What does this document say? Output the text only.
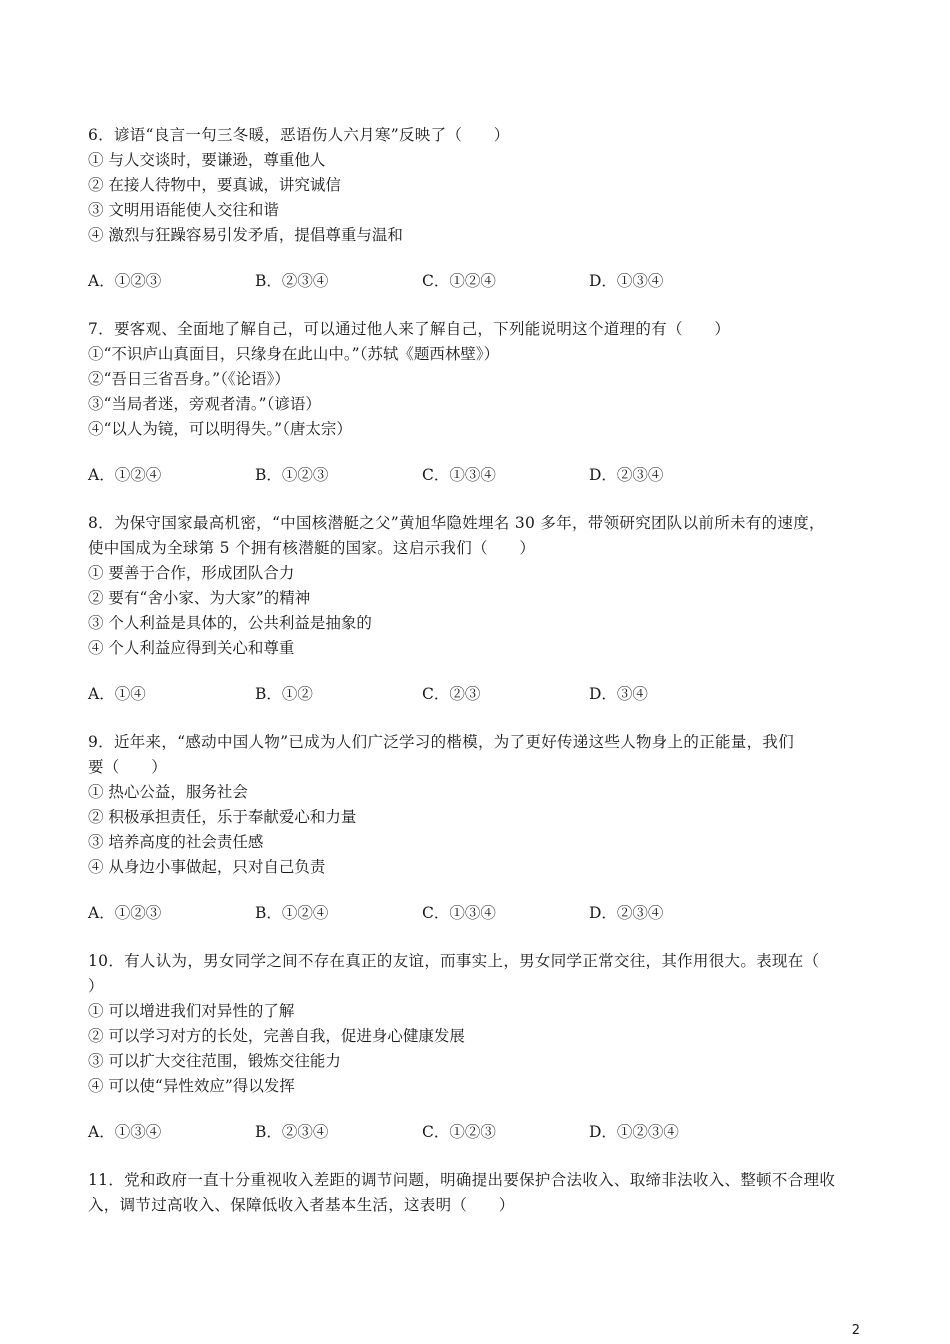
6．谚语“良言一句三冬暖，恶语伤人六月寒”反映了（　　）
① 与人交谈时，要谦逊，尊重他人
② 在接人待物中，要真诚，讲究诚信
③ 文明用语能使人交往和谐
④ 激烈与狂躁容易引发矛盾，提倡尊重与温和
A．①②③	B．②③④	C．①②④	D．①③④
7．要客观、全面地了解自己，可以通过他人来了解自己，下列能说明这个道理的有（　　）
①“不识庐山真面目，只缘身在此山中。”（苏轼《题西林壁》）
②“吾日三省吾身。”（《论语》）
③“当局者迷，旁观者清。”（谚语）
④“以人为镜，可以明得失。”（唐太宗）
A．①②④	B．①②③	C．①③④	D．②③④
8．为保守国家最高机密，“中国核潜艇之父”黄旭华隐姓埋名 30 多年，带领研究团队以前所未有的速度，
使中国成为全球第 5 个拥有核潜艇的国家。这启示我们（　　）
① 要善于合作，形成团队合力
② 要有“舍小家、为大家”的精神
③ 个人利益是具体的，公共利益是抽象的
④ 个人利益应得到关心和尊重
A．①④	B．①②	C．②③	D．③④
9．近年来，“感动中国人物”已成为人们广泛学习的楷模，为了更好传递这些人物身上的正能量，我们
要（　　）
① 热心公益，服务社会
② 积极承担责任，乐于奉献爱心和力量
③ 培养高度的社会责任感
④ 从身边小事做起，只对自己负责
A．①②③	B．①②④	C．①③④	D．②③④
10．有人认为，男女同学之间不存在真正的友谊，而事实上，男女同学正常交往，其作用很大。表现在（
）
① 可以增进我们对异性的了解
② 可以学习对方的长处，完善自我，促进身心健康发展
③ 可以扩大交往范围，锻炼交往能力
④ 可以使“异性效应”得以发挥
A．①③④	B．②③④	C．①②③	D．①②③④
11．党和政府一直十分重视收入差距的调节问题，明确提出要保护合法收入、取缔非法收入、整顿不合理收
入，调节过高收入、保障低收入者基本生活，这表明（　　）
2
